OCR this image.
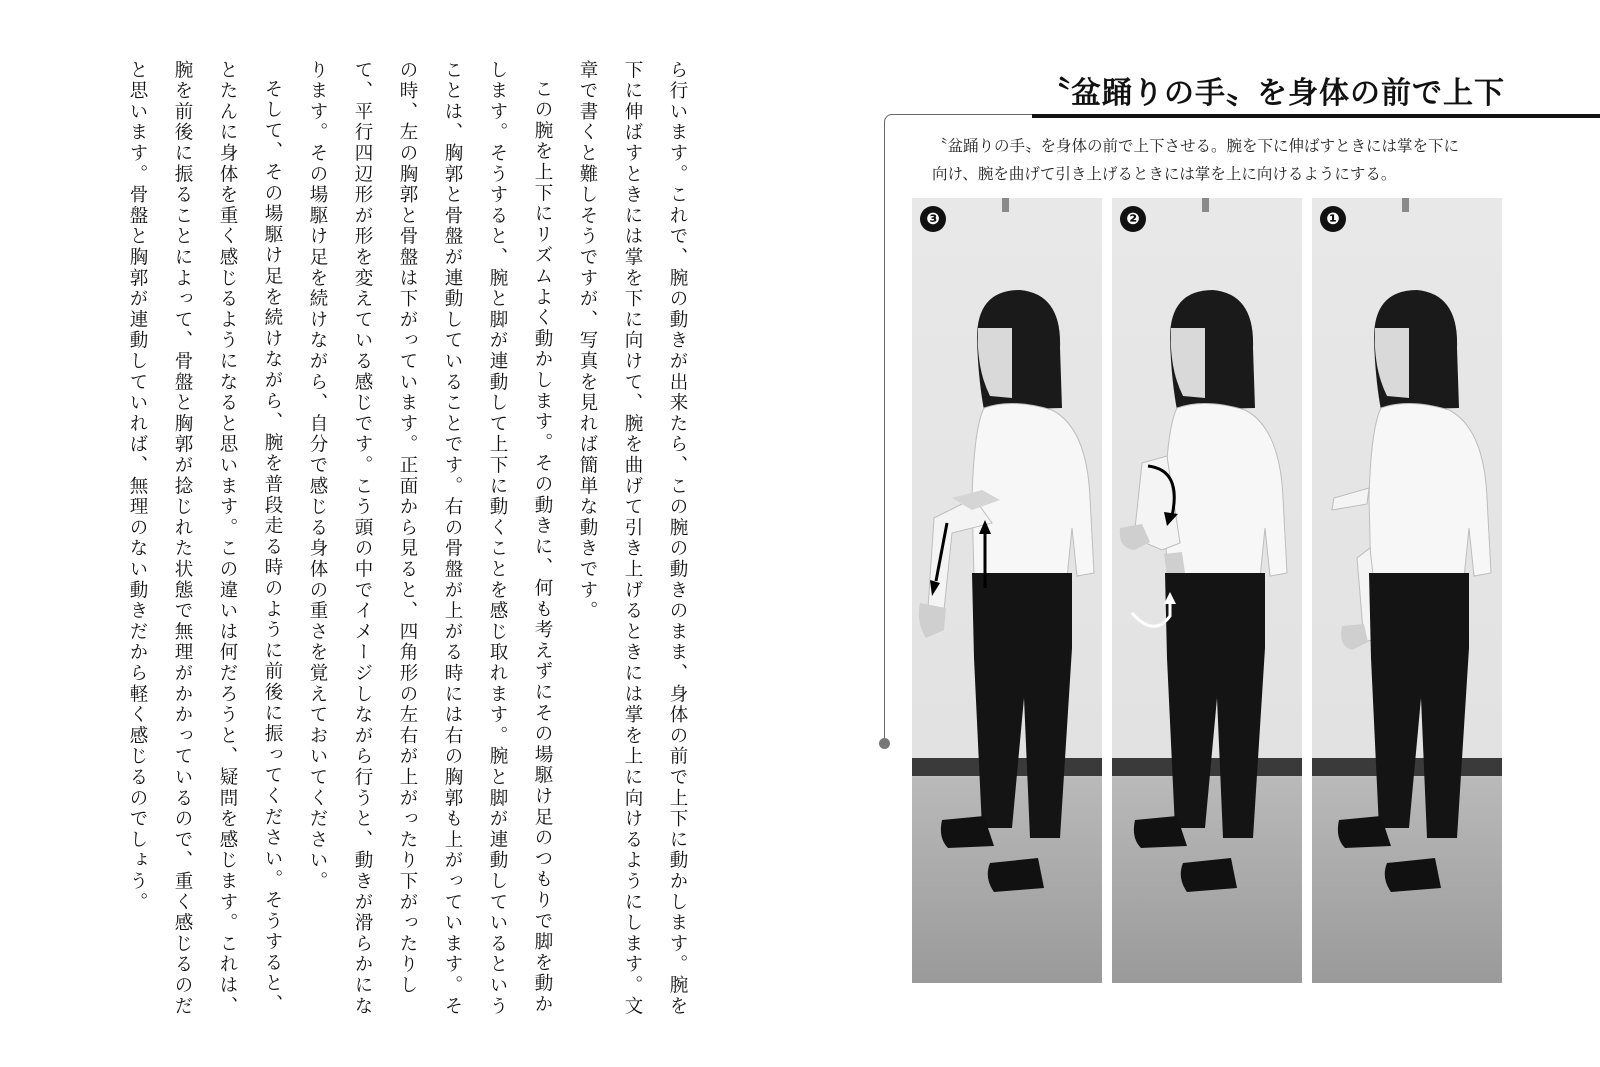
ら行います。これで、腕の動きが出来たら、この腕の動きのまま、身体の前で上下に動かします。腕を下に伸ばすときには掌を下に向けて、腕を曲げて引き上げるときには掌を上に向けるようにします。文章で書くと難しそうですが、写真を見れば簡単な動きです。

この腕を上下にリズムよく動かします。その動きに、何も考えずにその場駆け足のつもりで脚を動かします。そうすると、腕と脚が連動して上下に動くことを感じ取れます。腕と脚が連動しているということは、胸郭と骨盤が連動していることです。右の骨盤が上がる時には右の胸郭も上がっています。その時、左の胸郭と骨盤は下がっています。正面から見ると、四角形の左右が上がったり下がったりして、平行四辺形が形を変えている感じです。こう頭の中でイメージしながら行うと、動きが滑らかになります。その場駆け足を続けながら、自分で感じる身体の重さを覚えておいてください。

そして、その場駆け足を続けながら、腕を普段走る時のように前後に振ってください。そうすると、とたんに身体を重く感じるようになると思います。この違いは何だろうと、疑問を感じます。これは、腕を前後に振ることによって、骨盤と胸郭が捻じれた状態で無理がかかっているので、重く感じるのだと思います。骨盤と胸郭が連動していれば、無理のない動きだから軽く感じるのでしょう。	〝盆踊りの手〟を身体の前で上下
〝盆踊りの手〟を身体の前で上下させる。腕を下に伸ばすときには掌を下に
向け、腕を曲げて引き上げるときには掌を上に向けるようにする。
❸	❷	❶
